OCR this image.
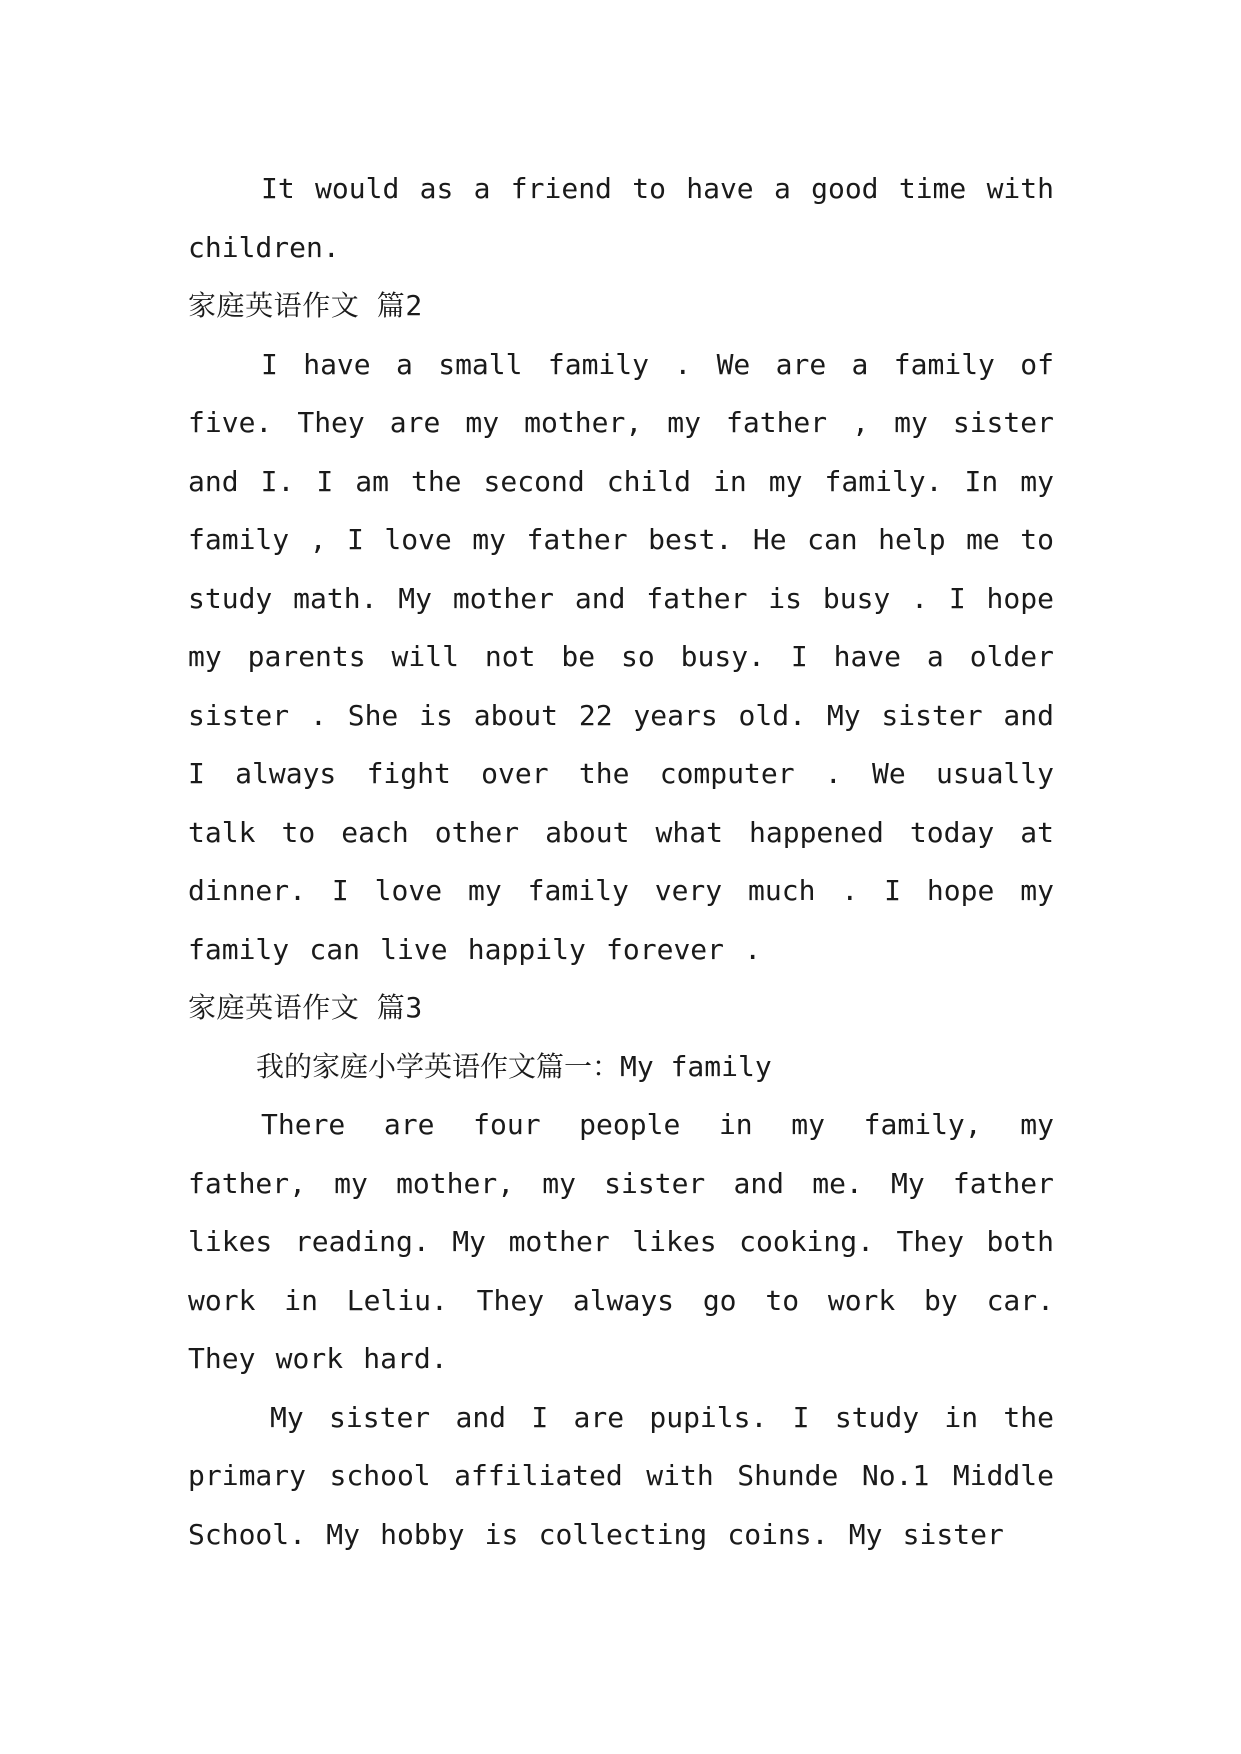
It would as a friend to have a good time with children.

家庭英语作文 篇2

I have a small family . We are a family of five. They are my mother, my father , my sister and I. I am the second child in my family. In my family , I love my father best. He can help me to study math. My mother and father is busy . I hope my parents will not be so busy. I have a older sister . She is about 22 years old. My sister and I always fight over the computer . We usually talk to each other about what happened today at dinner. I love my family very much . I hope my family can live happily forever .

家庭英语作文 篇3

我的家庭小学英语作文篇一：My family

There are four people in my family, my father, my mother, my sister and me. My father likes reading. My mother likes cooking. They both work in Leliu. They always go to work by car. They work hard.

My sister and I are pupils. I study in the primary school affiliated with Shunde No.1 Middle School. My hobby is collecting coins. My sister
